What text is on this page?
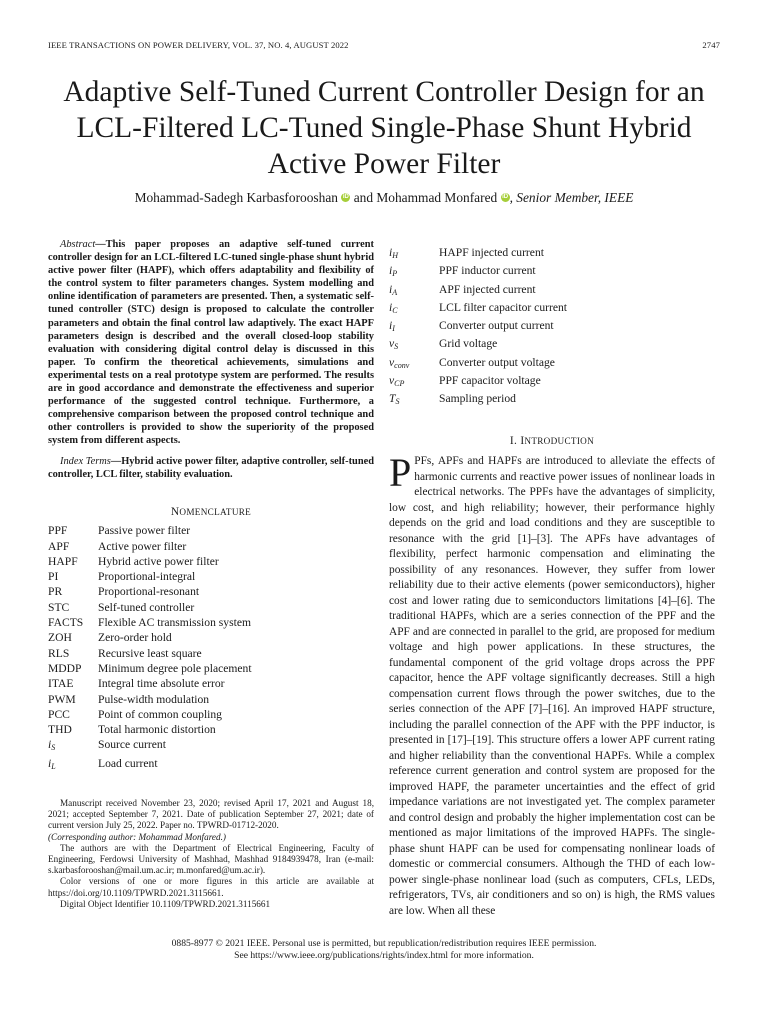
IEEE TRANSACTIONS ON POWER DELIVERY, VOL. 37, NO. 4, AUGUST 2022	2747
Adaptive Self-Tuned Current Controller Design for an LCL-Filtered LC-Tuned Single-Phase Shunt Hybrid Active Power Filter
Mohammad-Sadegh Karbasforooshan iD and Mohammad Monfared iD , Senior Member, IEEE
Abstract—This paper proposes an adaptive self-tuned current controller design for an LCL-filtered LC-tuned single-phase shunt hybrid active power filter (HAPF), which offers adaptability and flexibility of the control system to filter parameters changes. System modelling and online identification of parameters are presented. Then, a systematic self-tuned controller (STC) design is proposed to calculate the controller parameters and obtain the final control law adaptively. The exact HAPF parameters design is described and the overall closed-loop stability evaluation with considering digital control delay is discussed in this paper. To confirm the theoretical achievements, simulations and experimental tests on a real prototype system are performed. The results are in good accordance and demonstrate the effectiveness and superior performance of the suggested control technique. Furthermore, a comprehensive comparison between the proposed control technique and other controllers is provided to show the superiority of the proposed system from different aspects.
Index Terms—Hybrid active power filter, adaptive controller, self-tuned controller, LCL filter, stability evaluation.

NOMENCLATURE

PPF	Passive power filter
APF	Active power filter
HAPF	Hybrid active power filter
PI	Proportional-integral
PR	Proportional-resonant
STC	Self-tuned controller
FACTS	Flexible AC transmission system
ZOH	Zero-order hold
RLS	Recursive least square
MDDP	Minimum degree pole placement
ITAE	Integral time absolute error
PWM	Pulse-width modulation
PCC	Point of common coupling
THD	Total harmonic distortion
$i_S$	Source current
$i_L$	Load current

Manuscript received November 23, 2020; revised April 17, 2021 and August 18, 2021; accepted September 7, 2021. Date of publication September 27, 2021; date of current version July 25, 2022. Paper no. TPWRD-01712-2020.

(Corresponding author: Mohammad Monfared.)

The authors are with the Department of Electrical Engineering, Faculty of Engineering, Ferdowsi University of Mashhad, Mashhad 9184939478, Iran (e-mail: s.karbasforooshan@mail.um.ac.ir; m.monfared@um.ac.ir).

Color versions of one or more figures in this article are available at https://doi.org/10.1109/TPWRD.2021.3115661.

Digital Object Identifier 10.1109/TPWRD.2021.3115661

$i_H$	HAPF injected current
$i_P$	PPF inductor current
$i_A$	APF injected current
$i_C$	LCL filter capacitor current
$i_I$	Converter output current
$v_S$	Grid voltage
$v_{conv}$	Converter output voltage
$v_{CP}$	PPF capacitor voltage
$T_S$	Sampling period

I. INTRODUCTION

P PFs, APFs and HAPFs are introduced to alleviate the effects of harmonic currents and reactive power issues of nonlinear loads in electrical networks. The PPFs have the advantages of simplicity, low cost, and high reliability; however, their performance highly depends on the grid and load conditions and they are susceptible to resonance with the grid [1]–[3]. The APFs have advantages of flexibility, perfect harmonic compensation and eliminating the possibility of any resonances. However, they suffer from lower reliability due to their active elements (power semiconductors), higher cost and lower rating due to semiconductors limitations [4]–[6]. The traditional HAPFs, which are a series connection of the PPF and the APF and are connected in parallel to the grid, are proposed for medium voltage and high power applications. In these structures, the fundamental component of the grid voltage drops across the PPF capacitor, hence the APF voltage significantly decreases. Still a high compensation current flows through the power switches, due to the series connection of the APF [7]–[16]. An improved HAPF structure, including the parallel connection of the APF with the PPF inductor, is presented in [17]–[19]. This structure offers a lower APF current rating and higher reliability than the conventional HAPFs. While a complex reference current generation and control system are proposed for the improved HAPF, the parameter uncertainties and the effect of grid impedance variations are not investigated yet. The complex parameter and control design and probably the higher implementation cost can be mentioned as major limitations of the improved HAPFs. The single-phase shunt HAPF can be used for compensating nonlinear loads of domestic or commercial consumers. Although the THD of each low-power single-phase nonlinear load (such as computers, CFLs, LEDs, refrigerators, TVs, air conditioners and so on) is high, the RMS values are low. When all these

0885-8977 © 2021 IEEE. Personal use is permitted, but republication/redistribution requires IEEE permission.
See https://www.ieee.org/publications/rights/index.html for more information.
